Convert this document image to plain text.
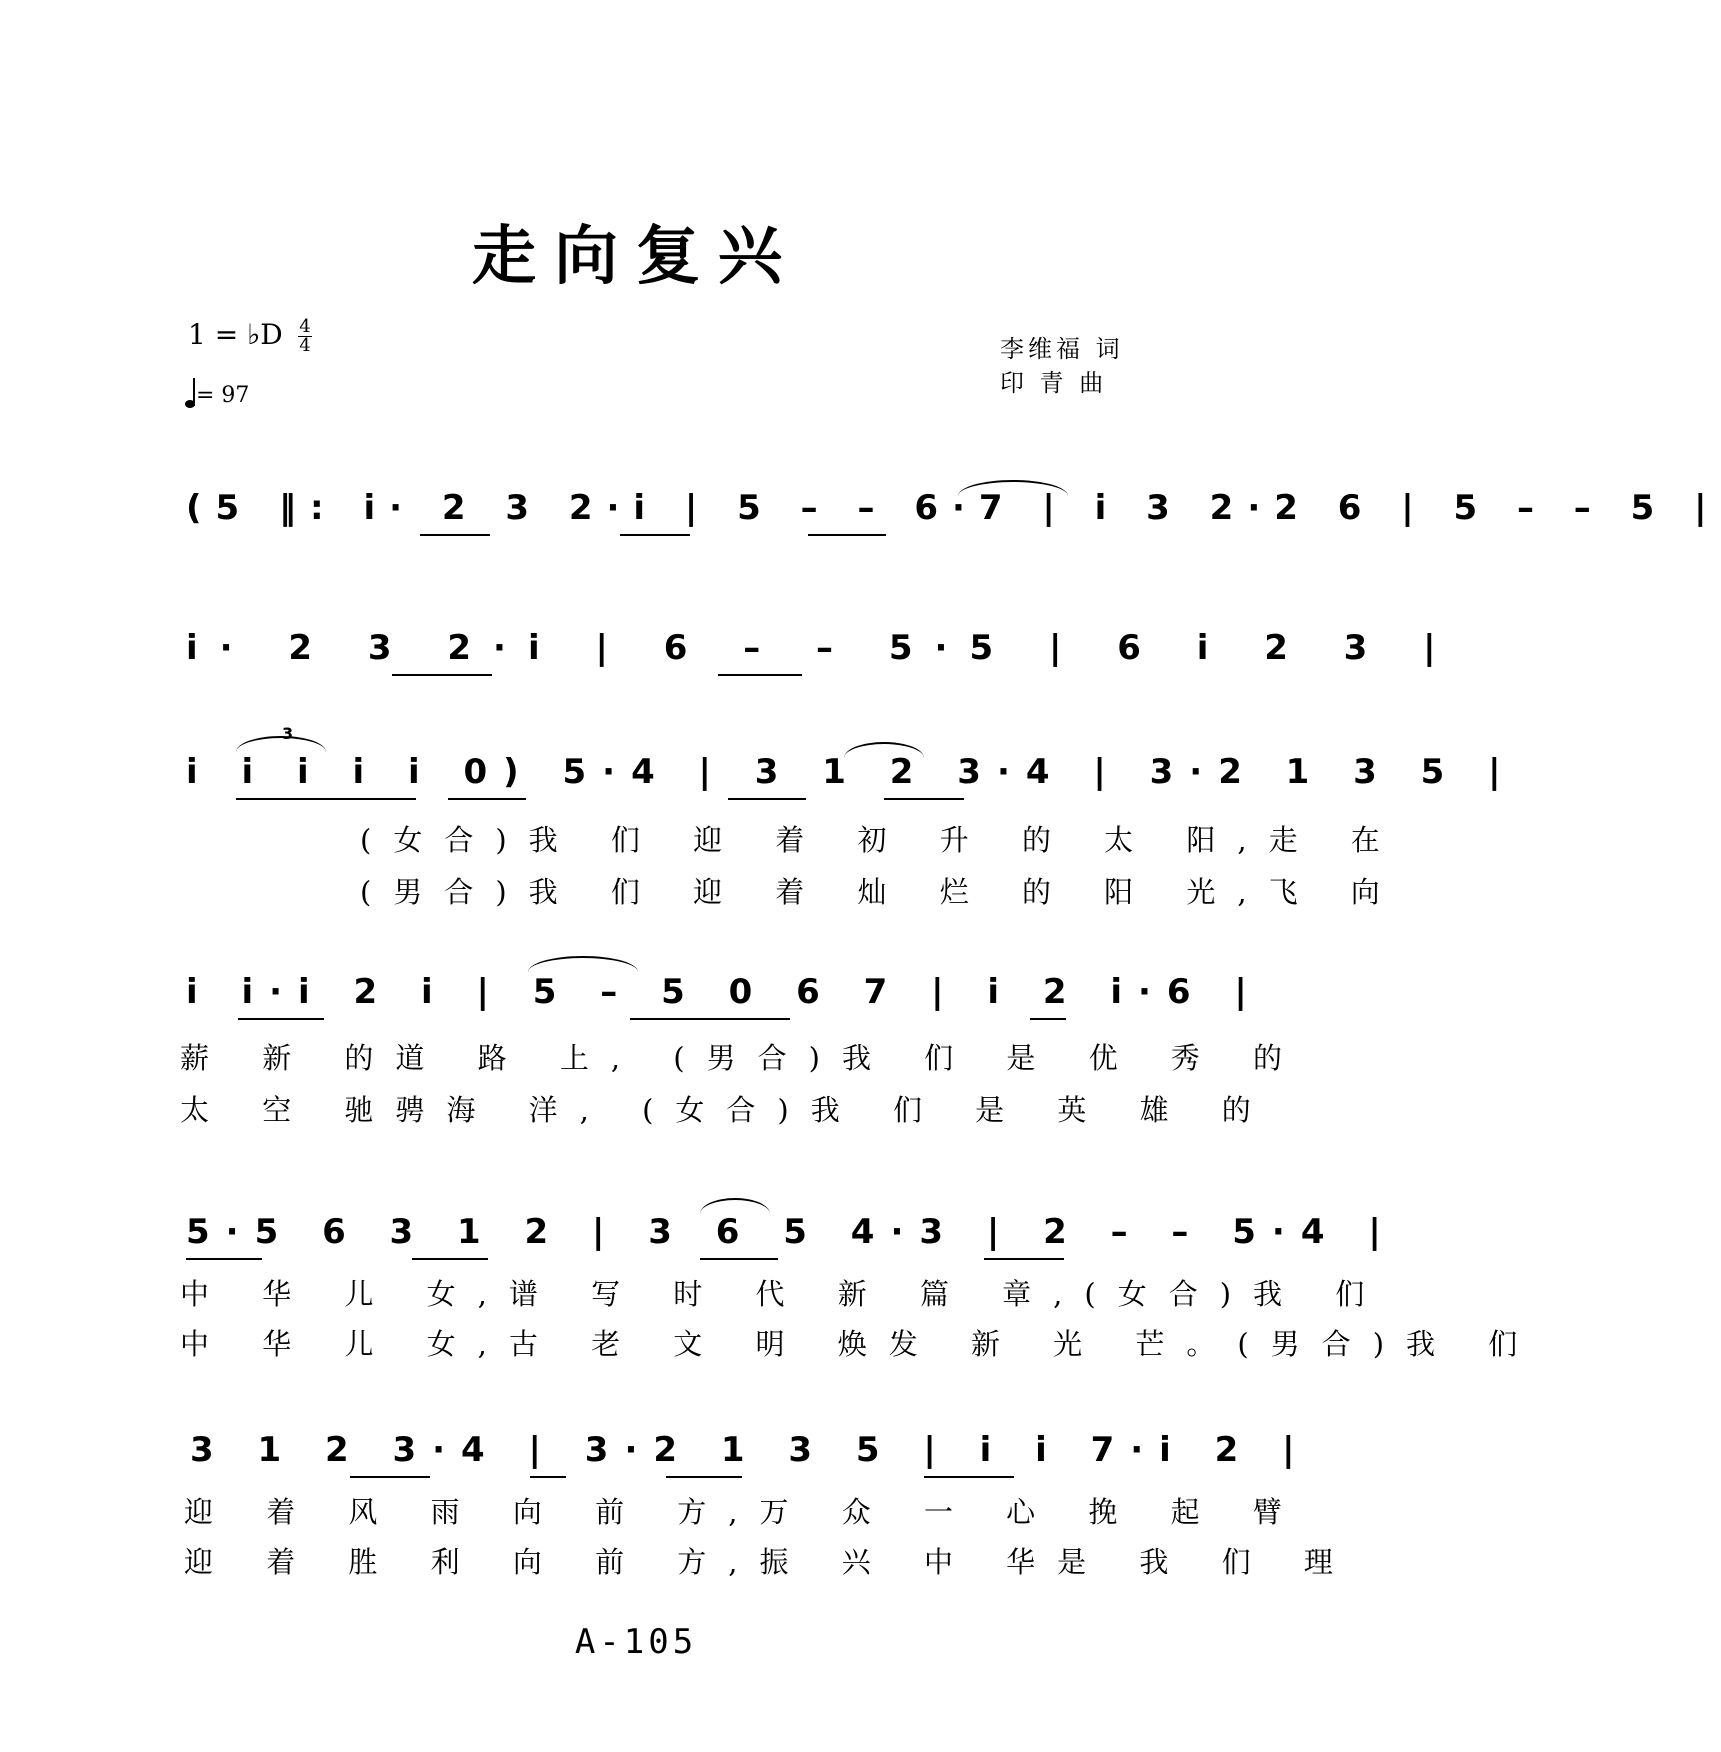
走向复兴
1 = ♭D 4
4
= 97
李维福 词
印 青 曲
(5 ‖: i· 2 3 2·i | 5 – – 6·7 | i 3 2·2 6 | 5 – – 5 |
i· 2 3 2·i | 6 – – 5·5 | 6 i 2 3 |
3
i i i i i 0) 5·4 | 3 1 2 3·4 | 3·2 1 3 5 |
(女合)我 们 迎 着 初 升 的 太 阳,走 在
(男合)我 们 迎 着 灿 烂 的 阳 光,飞 向
i i·i 2 i | 5 – 5 0 6 7 | i 2 i·6 |
薪 新 的道 路 上, (男合)我 们 是 优 秀 的
太 空 驰骋海 洋, (女合)我 们 是 英 雄 的
5·5 6 3 1 2 | 3 6 5 4·3 | 2 – – 5·4 |
中 华 儿 女,谱 写 时 代 新 篇 章,(女合)我 们
中 华 儿 女,古 老 文 明 焕发 新 光 芒。(男合)我 们
3 1 2 3·4 | 3·2 1 3 5 | i i 7·i 2 |
迎 着 风 雨 向 前 方,万 众 一 心 挽 起 臂
迎 着 胜 利 向 前 方,振 兴 中 华是 我 们 理
A-105
